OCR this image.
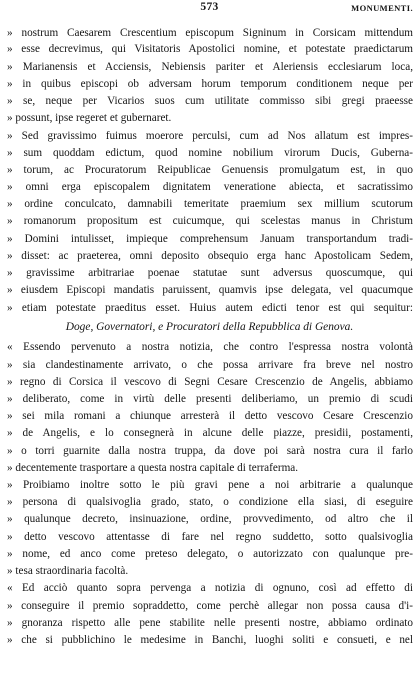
573	MONUMENTI.
» nostrum Caesarem Crescentium episcopum Signinum in Corsicam mittendum
» esse decrevimus, qui Visitatoris Apostolici nomine, et potestate praedictarum
» Marianensis et Acciensis, Nebiensis pariter et Aleriensis ecclesiarum loca,
» in quibus episcopi ob adversam horum temporum conditionem neque per
» se, neque per Vicarios suos cum utilitate commisso sibi gregi praeesse
» possunt, ipse regeret et gubernaret.
» Sed gravissimo fuimus moerore perculsi, cum ad Nos allatum est impres-
» sum quoddam edictum, quod nomine nobilium virorum Ducis, Guberna-
» torum, ac Procuratorum Reipublicae Genuensis promulgatum est, in quo
» omni erga episcopalem dignitatem veneratione abiecta, et sacratissimo
» ordine conculcato, damnabili temeritate praemium sex millium scutorum
» romanorum propositum est cuicumque, qui scelestas manus in Christum
» Domini intulisset, impieque comprehensum Januam transportandum tradi-
» disset: ac praeterea, omni deposito obsequio erga hanc Apostolicam Sedem,
» gravissime arbitrariae poenae statutae sunt adversus quoscumque, qui
» eiusdem Episcopi mandatis paruissent, quamvis ipse delegata, vel quacumque
» etiam potestate praeditus esset. Huius autem edicti tenor est qui sequitur:
Doge, Governatori, e Procuratori della Repubblica di Genova.
« Essendo pervenuto a nostra notizia, che contro l'espressa nostra volontà
» sia clandestinamente arrivato, o che possa arrivare fra breve nel nostro
» regno di Corsica il vescovo di Segni Cesare Crescenzio de Angelis, abbiamo
» deliberato, come in virtù delle presenti deliberiamo, un premio di scudi
» sei mila romani a chiunque arresterà il detto vescovo Cesare Crescenzio
» de Angelis, e lo consegnerà in alcune delle piazze, presidii, postamenti,
» o torri guarnite dalla nostra truppa, da dove poi sarà nostra cura il farlo
» decentemente trasportare a questa nostra capitale di terraferma.
» Proibiamo inoltre sotto le più gravi pene a noi arbitrarie a qualunque
» persona di qualsivoglia grado, stato, o condizione ella siasi, di eseguire
» qualunque decreto, insinuazione, ordine, provvedimento, od altro che il
» detto vescovo attentasse di fare nel regno suddetto, sotto qualsivoglia
» nome, ed anco come preteso delegato, o autorizzato con qualunque pre-
» tesa straordinaria facoltà.
« Ed acciò quanto sopra pervenga a notizia di ognuno, così ad effetto di
» conseguire il premio sopraddetto, come perchè allegar non possa causa d'i-
» gnoranza rispetto alle pene stabilite nelle presenti nostre, abbiamo ordinato
» che si pubblichino le medesime in Banchi, luoghi soliti e consueti, e nel
